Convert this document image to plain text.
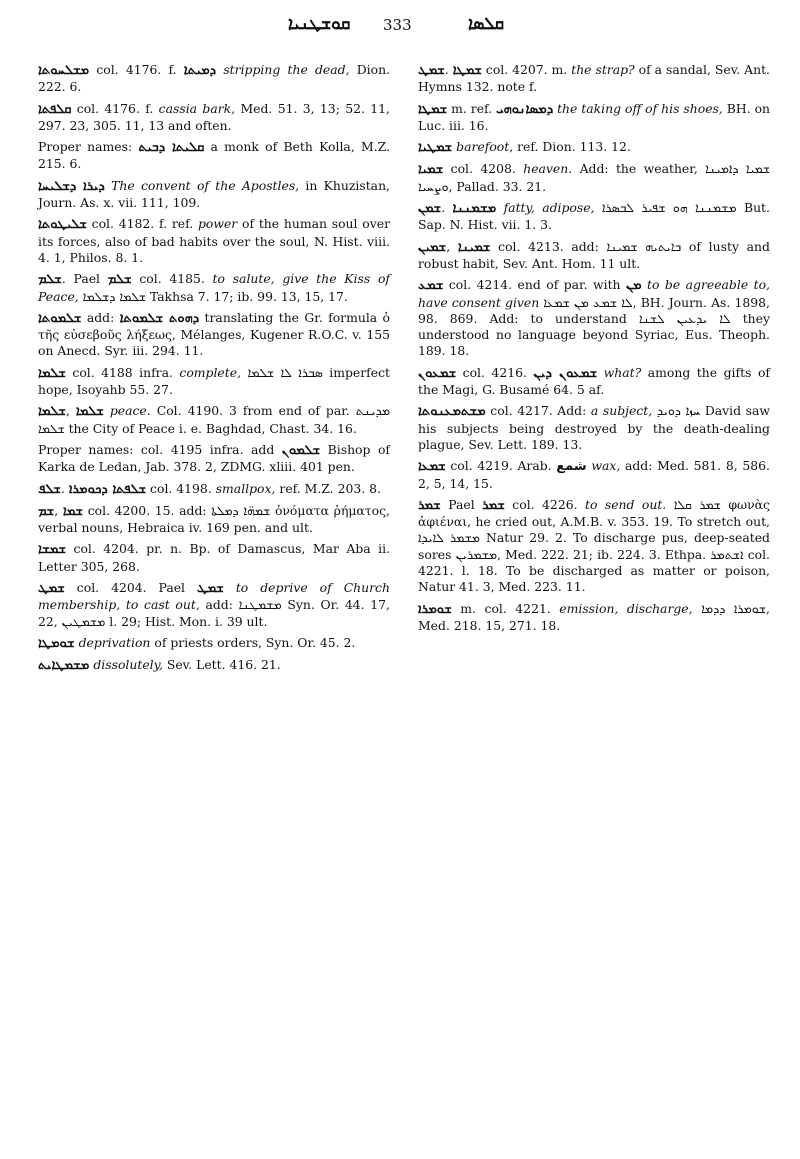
ܩܘܫܛܢܝܐ 333	ܩܠܣܐ

ܡܫܠܚܘܬܐ col. 4176. f. ܕܡܝܬܐ stripping the dead, Dion. 222. 6.

ܩܠܦܬܐ col. 4176. f. cassia bark, Med. 51. 3, 13; 52. 11, 297. 23, 305. 11, 13 and often.

Proper names: ܩܠܝܬܐ ܕܒܝܬ a monk of Beth Kolla, M.Z. 215. 6.

ܕܝܪܐ ܕܫܠܝܚܐ The convent of the Apostles, in Khuzistan, Journ. As. x. vii. 111, 109.

ܫܠܝܛܘܬܐ col. 4182. f. ref. power of the human soul over its forces, also of bad habits over the soul, N. Hist. viii. 4. 1, Philos. 8. 1.

ܫܠܡ. Pael ܫܠܡ col. 4185. to salute, give the Kiss of Peace, ܫܠܡܐ ܕܫܠܡܐ Takhsa 7. 17; ib. 99. 13, 15, 17.

ܫܠܡܘܬܐ add: ܕܗܘܬ ܫܠܡܘܬܐ translating the Gr. formula ὁ τῆς εὐσεβοῦς λήξεως, Mélanges, Kugener R.O.C. v. 155 on Anecd. Syr. iii. 294. 11.

ܫܠܡܐ col. 4188 infra. complete, ܣܒܪܐ ܠܐ ܫܠܡܐ imperfect hope, Isoyahb 55. 27.

ܫܠܡܐ, ܫܠܡܐ peace. Col. 4190. 3 from end of par. ܡܕܝܢܬ ܫܠܡܐ the City of Peace i. e. Baghdad, Chast. 34. 16.

Proper names: col. 4195 infra. add ܫܠܡܘܢ Bishop of Karka de Ledan, Jab. 378. 2, ZDMG. xliii. 401 pen.

ܫܠܦ. ܫܠܦܬܐ ܕܟܘܡܪܐ col. 4198. smallpox, ref. M.Z. 203. 8.

ܫܡ, ܫܡܐ col. 4200. 15. add: ܫܡܗ̈ܐ ܕܡܠܬܐ ὀνόματα ῥήματος, verbal nouns, Hebraica iv. 169 pen. and ult.

ܫܡܫܐ col. 4204. pr. n. Bp. of Damascus, Mar Aba ii. Letter 305, 268.

ܫܡܛ col. 4204. Pael ܫܡܛ to deprive of Church membership, to cast out, add: ܡܫܡܛܢܐ Syn. Or. 44. 17, 22, ܡܫܡܛܝܢ l. 29; Hist. Mon. i. 39 ult.

ܫܘܡܛܐ deprivation of priests orders, Syn. Or. 45. 2.

ܡܫܡܛܐܝܬ dissolutely, Sev. Lett. 416. 21.

ܫܡܛ. ܫܡܛܐ col. 4207. m. the strap? of a sandal, Sev. Ant. Hymns 132. note f.

ܫܡܛܐ m. ref. ܕܡܣܐܢܘܗܝ the taking off of his shoes, BH. on Luc. iii. 16.

ܫܡܛܝܐ barefoot, ref. Dion. 113. 12.

ܫܡܝܐ col. 4208. heaven. Add: the weather, ܫܡܝܐ ܕܐܡܝܢܐ ܘܨܚܝܐ, Pallad. 33. 21.

ܫܡܢ. ܡܫܡܢܢܐ fatty, adipose, ܡܫܡܢܢܐ ܗܘ ܫܦܝܪ ܠܒܣܪܐ But. Sap. N. Hist. vii. 1. 3.

ܫܡܝܢ, ܫܡܝܢܐ col. 4213. add: ܒܐܝܬܝܗ ܫܡܝܢܐ of lusty and robust habit, Sev. Ant. Hom. 11 ult.

ܫܡܥ col. 4214. end of par. with ܡܢ to be agreeable to, have consent given ܠܐ ܫܡܥ ܡܢ ܫܡܥܐ, BH. Journ. As. 1898, 98. 869. Add: to understand ܠܐ ܝܕܥܝܢ ܠܫܢܐ they understood no language beyond Syriac, Eus. Theoph. 189. 18.

ܫܡܥܘܢ col. 4216. ܫܡܥܘܢ ܕܝܢ what? among the gifts of the Magi, G. Busamé 64. 5 af.

ܡܫܬܡܥܢܘܬܐ col. 4217. Add: a subject, ܚܙܐ ܕܘܝܕ David saw his subjects being destroyed by the death-dealing plague, Sev. Lett. 189. 13.

ܫܡܥܐ col. 4219. Arab. شمع wax, add: Med. 581. 8, 586. 2, 5, 14, 15.

ܫܡܪ Pael ܫܡܪ col. 4226. to send out. ܫܡܪ ܩܠܐ φωνὰς ἀφιέναι, he cried out, A.M.B. v. 353. 19. To stretch out, ܡܫܡܪ ܠܐܝܕܐ Natur 29. 2. To discharge pus, deep-seated sores ܡܫܡܪܝܢ, Med. 222. 21; ib. 224. 3. Ethpa. ܐܫܬܡܪ col. 4221. l. 18. To be discharged as matter or poison, Natur 41. 3, Med. 223. 11.

ܫܘܡܪܐ m. col. 4221. emission, discharge, ܫܘܡܪܐ ܕܕܡܐ, Med. 218. 15, 271. 18.
